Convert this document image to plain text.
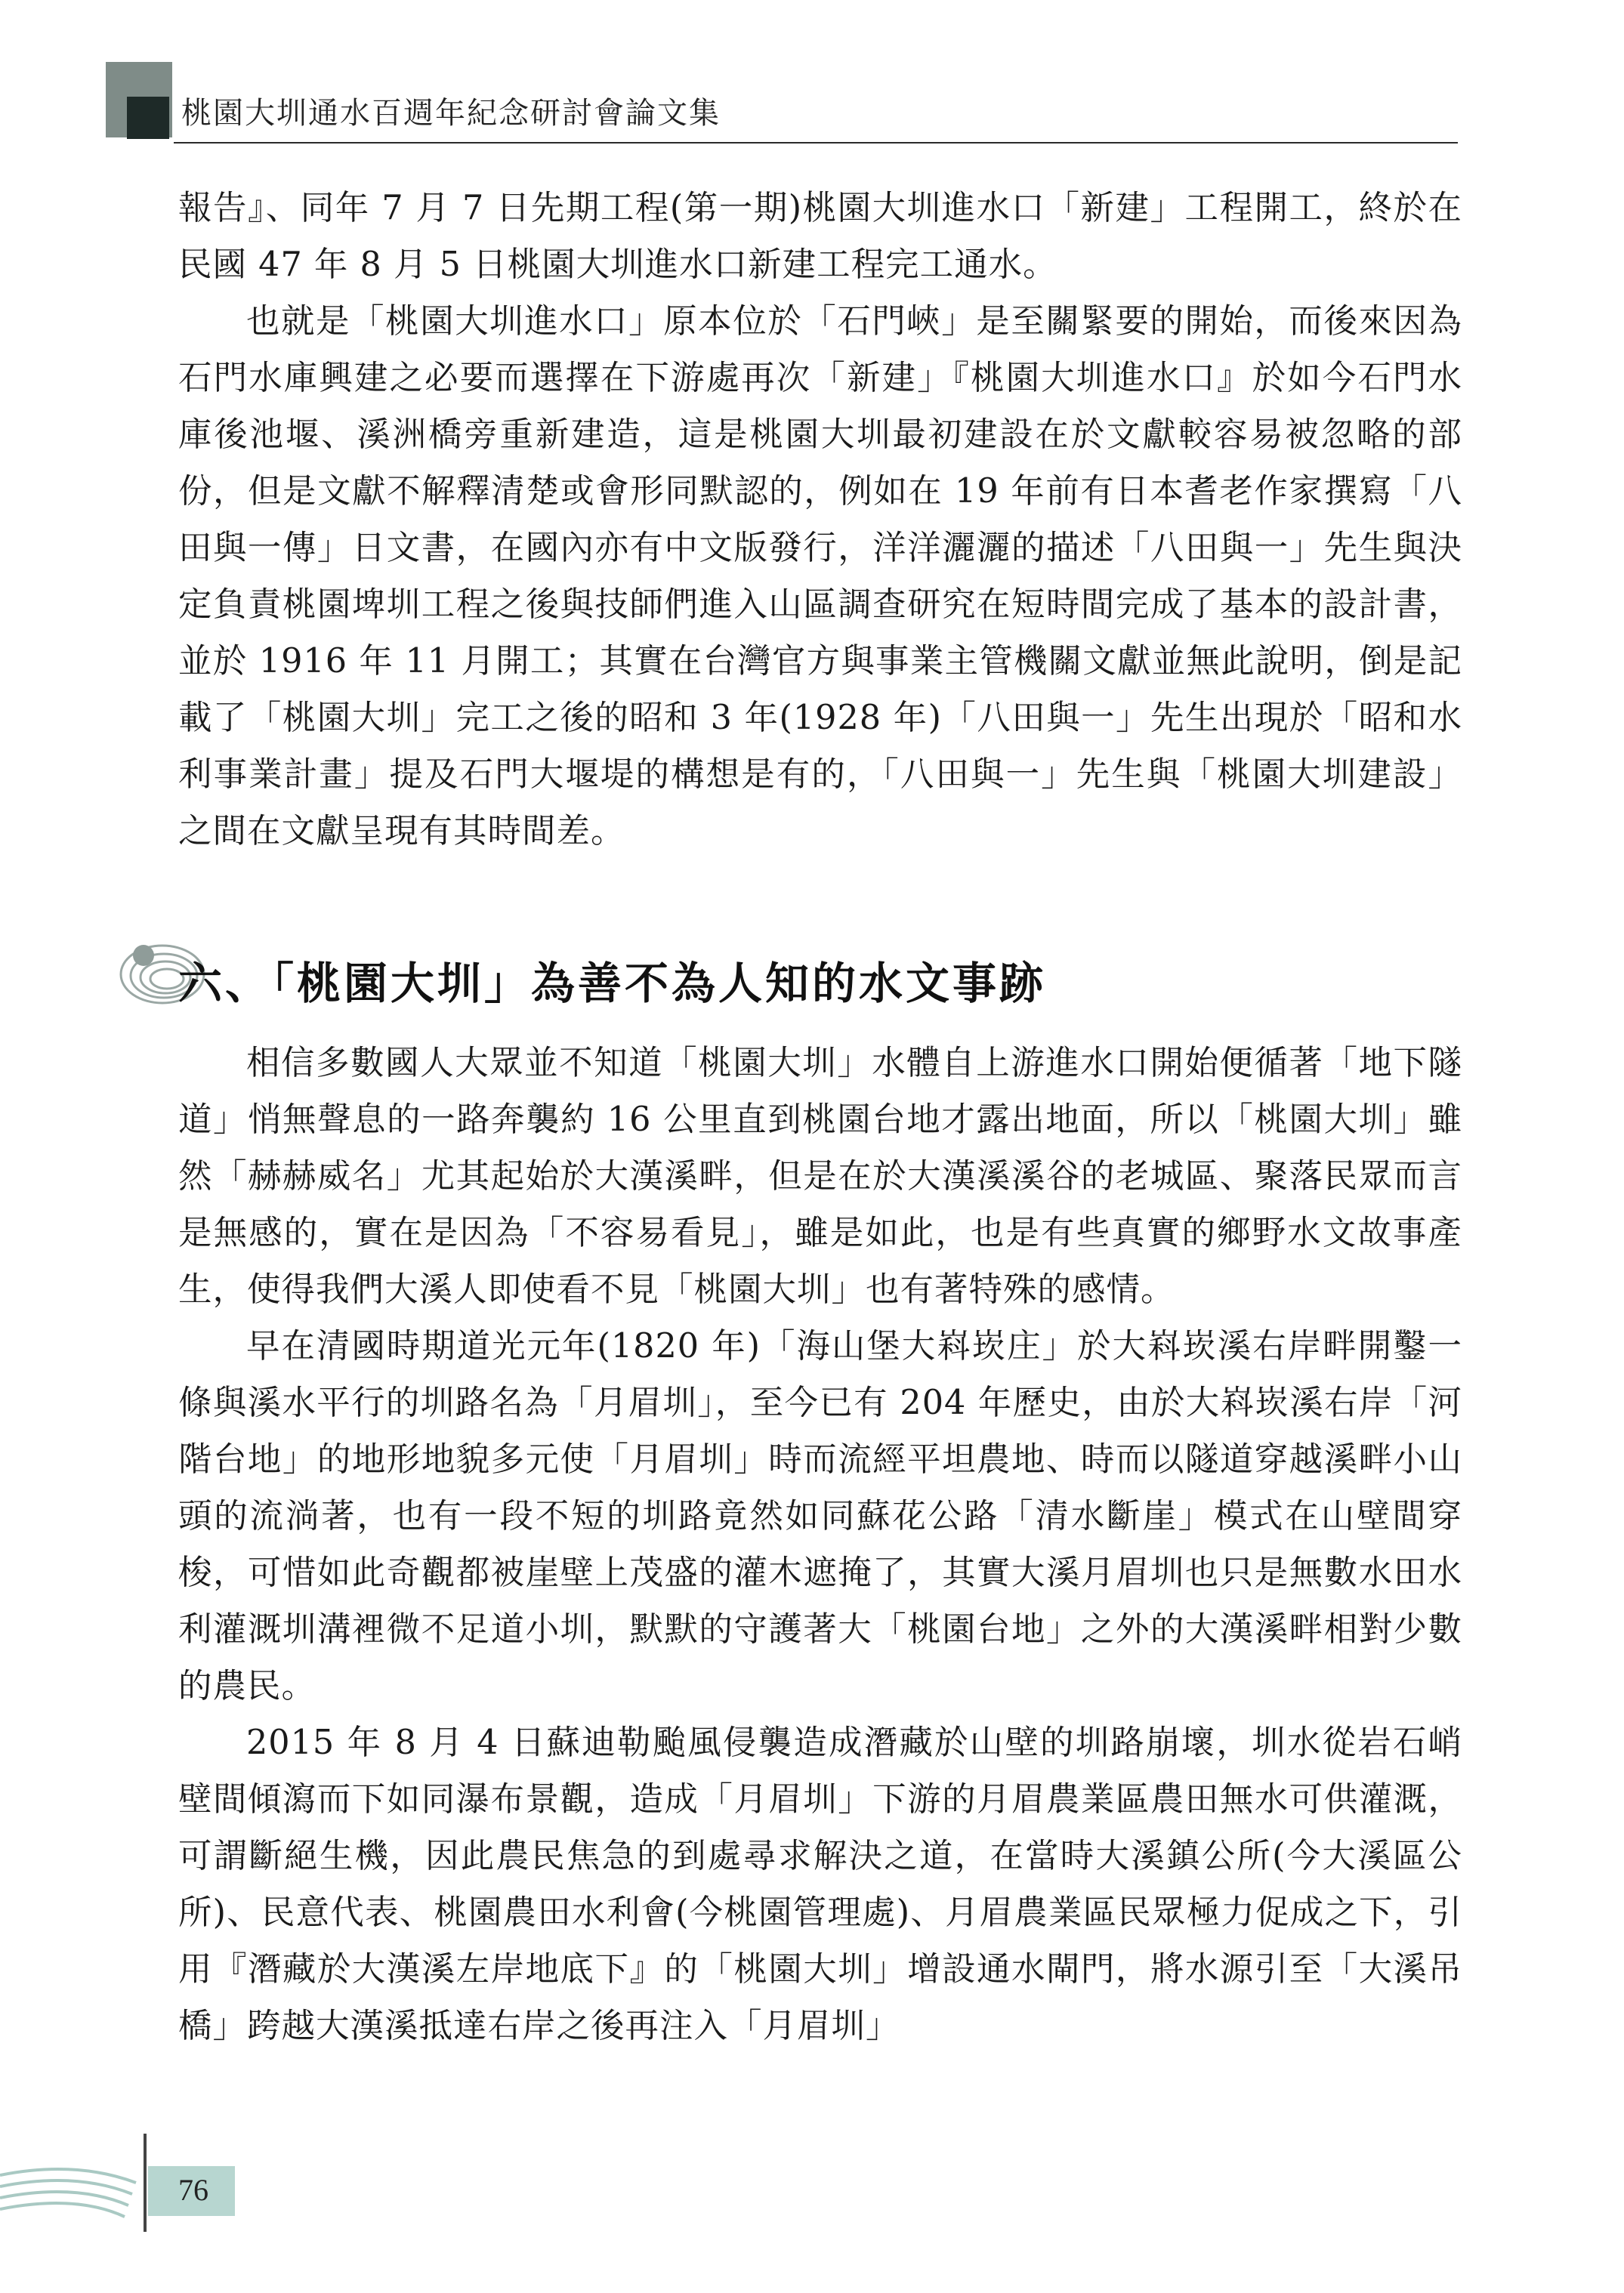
桃園大圳通水百週年紀念研討會論文集

報告』、同年 7 月 7 日先期工程(第一期)桃園大圳進水口「新建」工程開工，終於在民國 47 年 8 月 5 日桃園大圳進水口新建工程完工通水。

也就是「桃園大圳進水口」原本位於「石門峽」是至關緊要的開始，而後來因為石門水庫興建之必要而選擇在下游處再次「新建」『桃園大圳進水口』於如今石門水庫後池堰、溪洲橋旁重新建造，這是桃園大圳最初建設在於文獻較容易被忽略的部份，但是文獻不解釋清楚或會形同默認的，例如在 19 年前有日本耆老作家撰寫「八田與一傳」日文書，在國內亦有中文版發行，洋洋灑灑的描述「八田與一」先生與決定負責桃園埤圳工程之後與技師們進入山區調查研究在短時間完成了基本的設計書，並於 1916 年 11 月開工；其實在台灣官方與事業主管機關文獻並無此說明，倒是記載了「桃園大圳」完工之後的昭和 3 年(1928 年)「八田與一」先生出現於「昭和水利事業計畫」提及石門大堰堤的構想是有的，「八田與一」先生與「桃園大圳建設」之間在文獻呈現有其時間差。

六、「桃園大圳」為善不為人知的水文事跡

相信多數國人大眾並不知道「桃園大圳」水體自上游進水口開始便循著「地下隧道」悄無聲息的一路奔襲約 16 公里直到桃園台地才露出地面，所以「桃園大圳」雖然「赫赫威名」尤其起始於大漢溪畔，但是在於大漢溪溪谷的老城區、聚落民眾而言是無感的，實在是因為「不容易看見」，雖是如此，也是有些真實的鄉野水文故事產生，使得我們大溪人即使看不見「桃園大圳」也有著特殊的感情。

早在清國時期道光元年(1820 年)「海山堡大嵙崁庄」於大嵙崁溪右岸畔開鑿一條與溪水平行的圳路名為「月眉圳」，至今已有 204 年歷史，由於大嵙崁溪右岸「河階台地」的地形地貌多元使「月眉圳」時而流經平坦農地、時而以隧道穿越溪畔小山頭的流淌著，也有一段不短的圳路竟然如同蘇花公路「清水斷崖」模式在山壁間穿梭，可惜如此奇觀都被崖壁上茂盛的灌木遮掩了，其實大溪月眉圳也只是無數水田水利灌溉圳溝裡微不足道小圳，默默的守護著大「桃園台地」之外的大漢溪畔相對少數的農民。

2015 年 8 月 4 日蘇迪勒颱風侵襲造成潛藏於山壁的圳路崩壞，圳水從岩石峭壁間傾瀉而下如同瀑布景觀，造成「月眉圳」下游的月眉農業區農田無水可供灌溉，可謂斷絕生機，因此農民焦急的到處尋求解決之道，在當時大溪鎮公所(今大溪區公所)、民意代表、桃園農田水利會(今桃園管理處)、月眉農業區民眾極力促成之下，引用『潛藏於大漢溪左岸地底下』的「桃園大圳」增設通水閘門，將水源引至「大溪吊橋」跨越大漢溪抵達右岸之後再注入「月眉圳」

76
